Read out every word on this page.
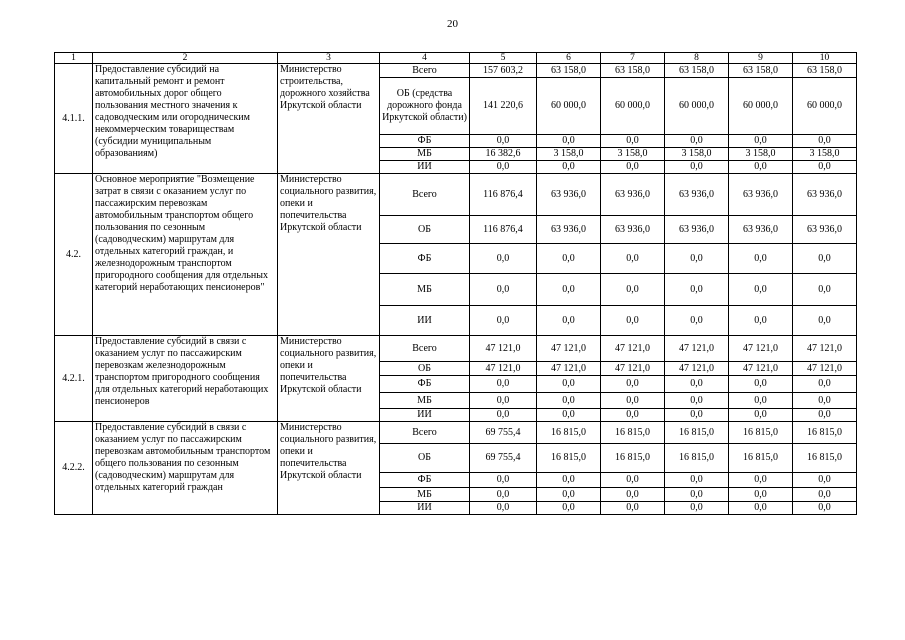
20
1	2	3	4	5	6	7	8	9	10
4.1.1.	Предоставление субсидий на капитальный ремонт и ремонт автомобильных дорог общего пользования местного значения к садоводческим или огородническим некоммерческим товариществам (субсидии муниципальным образованиям)	Министерство строительства, дорожного хозяйства Иркутской области	Всего	157 603,2	63 158,0	63 158,0	63 158,0	63 158,0	63 158,0
			ОБ (средства дорожного фонда Иркутской области)	141 220,6	60 000,0	60 000,0	60 000,0	60 000,0	60 000,0
			ФБ	0,0	0,0	0,0	0,0	0,0	0,0
			МБ	16 382,6	3 158,0	3 158,0	3 158,0	3 158,0	3 158,0
			ИИ	0,0	0,0	0,0	0,0	0,0	0,0
4.2.	Основное мероприятие "Возмещение затрат в связи с оказанием услуг по пассажирским перевозкам автомобильным транспортом общего пользования по сезонным (садоводческим) маршрутам для отдельных категорий граждан, и железнодорожным транспортом пригородного сообщения для отдельных категорий неработающих пенсионеров"	Министерство социального развития, опеки и попечительства Иркутской области	Всего	116 876,4	63 936,0	63 936,0	63 936,0	63 936,0	63 936,0
			ОБ	116 876,4	63 936,0	63 936,0	63 936,0	63 936,0	63 936,0
			ФБ	0,0	0,0	0,0	0,0	0,0	0,0
			МБ	0,0	0,0	0,0	0,0	0,0	0,0
			ИИ	0,0	0,0	0,0	0,0	0,0	0,0
4.2.1.	Предоставление субсидий в связи с оказанием услуг по пассажирским перевозкам железнодорожным транспортом пригородного сообщения для отдельных категорий неработающих пенсионеров	Министерство социального развития, опеки и попечительства Иркутской области	Всего	47 121,0	47 121,0	47 121,0	47 121,0	47 121,0	47 121,0
			ОБ	47 121,0	47 121,0	47 121,0	47 121,0	47 121,0	47 121,0
			ФБ	0,0	0,0	0,0	0,0	0,0	0,0
			МБ	0,0	0,0	0,0	0,0	0,0	0,0
			ИИ	0,0	0,0	0,0	0,0	0,0	0,0
4.2.2.	Предоставление субсидий в связи с оказанием услуг по пассажирским перевозкам автомобильным транспортом общего пользования по сезонным (садоводческим) маршрутам для отдельных категорий граждан	Министерство социального развития, опеки и попечительства Иркутской области	Всего	69 755,4	16 815,0	16 815,0	16 815,0	16 815,0	16 815,0
			ОБ	69 755,4	16 815,0	16 815,0	16 815,0	16 815,0	16 815,0
			ФБ	0,0	0,0	0,0	0,0	0,0	0,0
			МБ	0,0	0,0	0,0	0,0	0,0	0,0
			ИИ	0,0	0,0	0,0	0,0	0,0	0,0
